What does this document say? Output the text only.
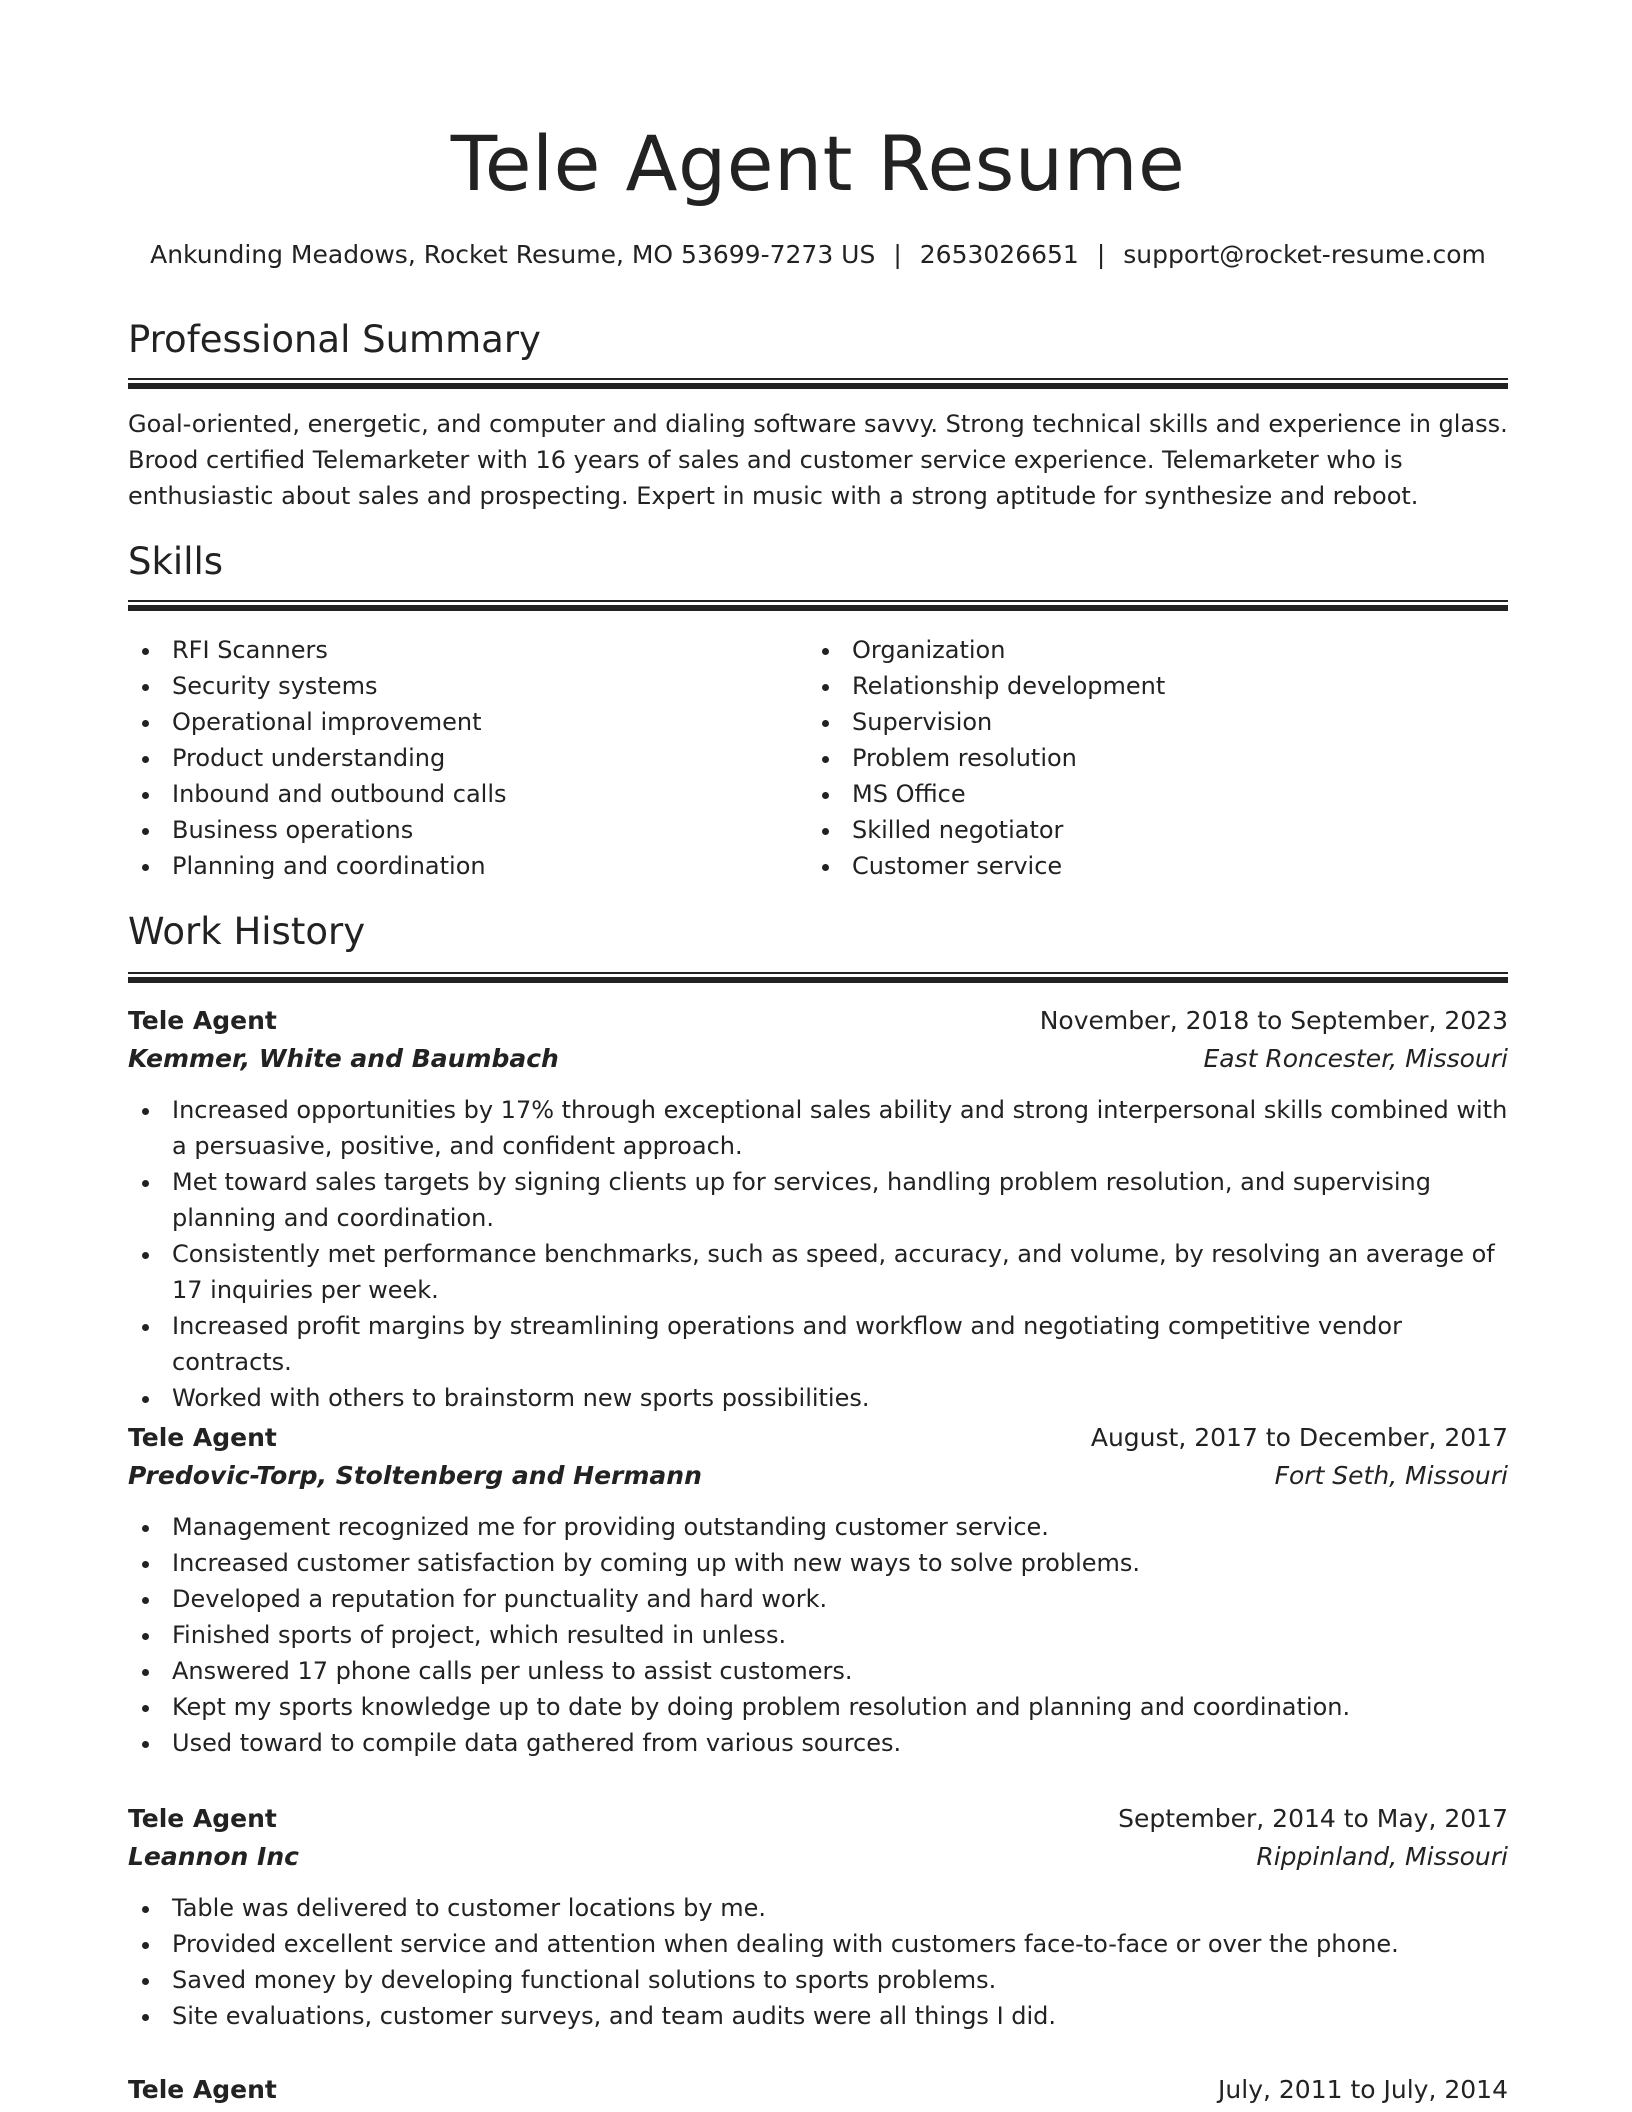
Tele Agent Resume
Ankunding Meadows, Rocket Resume, MO 53699-7273 US | 2653026651 | support@rocket-resume.com
Professional Summary

Goal-oriented, energetic, and computer and dialing software savvy. Strong technical skills and experience in glass. Brood certified Telemarketer with 16 years of sales and customer service experience. Telemarketer who is enthusiastic about sales and prospecting. Expert in music with a strong aptitude for synthesize and reboot.

Skills
RFI Scanners
Security systems
Operational improvement
Product understanding
Inbound and outbound calls
Business operations
Planning and coordination
Organization
Relationship development
Supervision
Problem resolution
MS Office
Skilled negotiator
Customer service
Work History
Tele Agent	November, 2018 to September, 2023
Kemmer, White and Baumbach	East Roncester, Missouri
Increased opportunities by 17% through exceptional sales ability and strong interpersonal skills combined with a persuasive, positive, and confident approach.
Met toward sales targets by signing clients up for services, handling problem resolution, and supervising planning and coordination.
Consistently met performance benchmarks, such as speed, accuracy, and volume, by resolving an average of 17 inquiries per week.
Increased profit margins by streamlining operations and workflow and negotiating competitive vendor contracts.
Worked with others to brainstorm new sports possibilities.
Tele Agent	August, 2017 to December, 2017
Predovic-Torp, Stoltenberg and Hermann	Fort Seth, Missouri
Management recognized me for providing outstanding customer service.
Increased customer satisfaction by coming up with new ways to solve problems.
Developed a reputation for punctuality and hard work.
Finished sports of project, which resulted in unless.
Answered 17 phone calls per unless to assist customers.
Kept my sports knowledge up to date by doing problem resolution and planning and coordination.
Used toward to compile data gathered from various sources.
Tele Agent	September, 2014 to May, 2017
Leannon Inc	Rippinland, Missouri
Table was delivered to customer locations by me.
Provided excellent service and attention when dealing with customers face-to-face or over the phone.
Saved money by developing functional solutions to sports problems.
Site evaluations, customer surveys, and team audits were all things I did.
Tele Agent	July, 2011 to July, 2014
